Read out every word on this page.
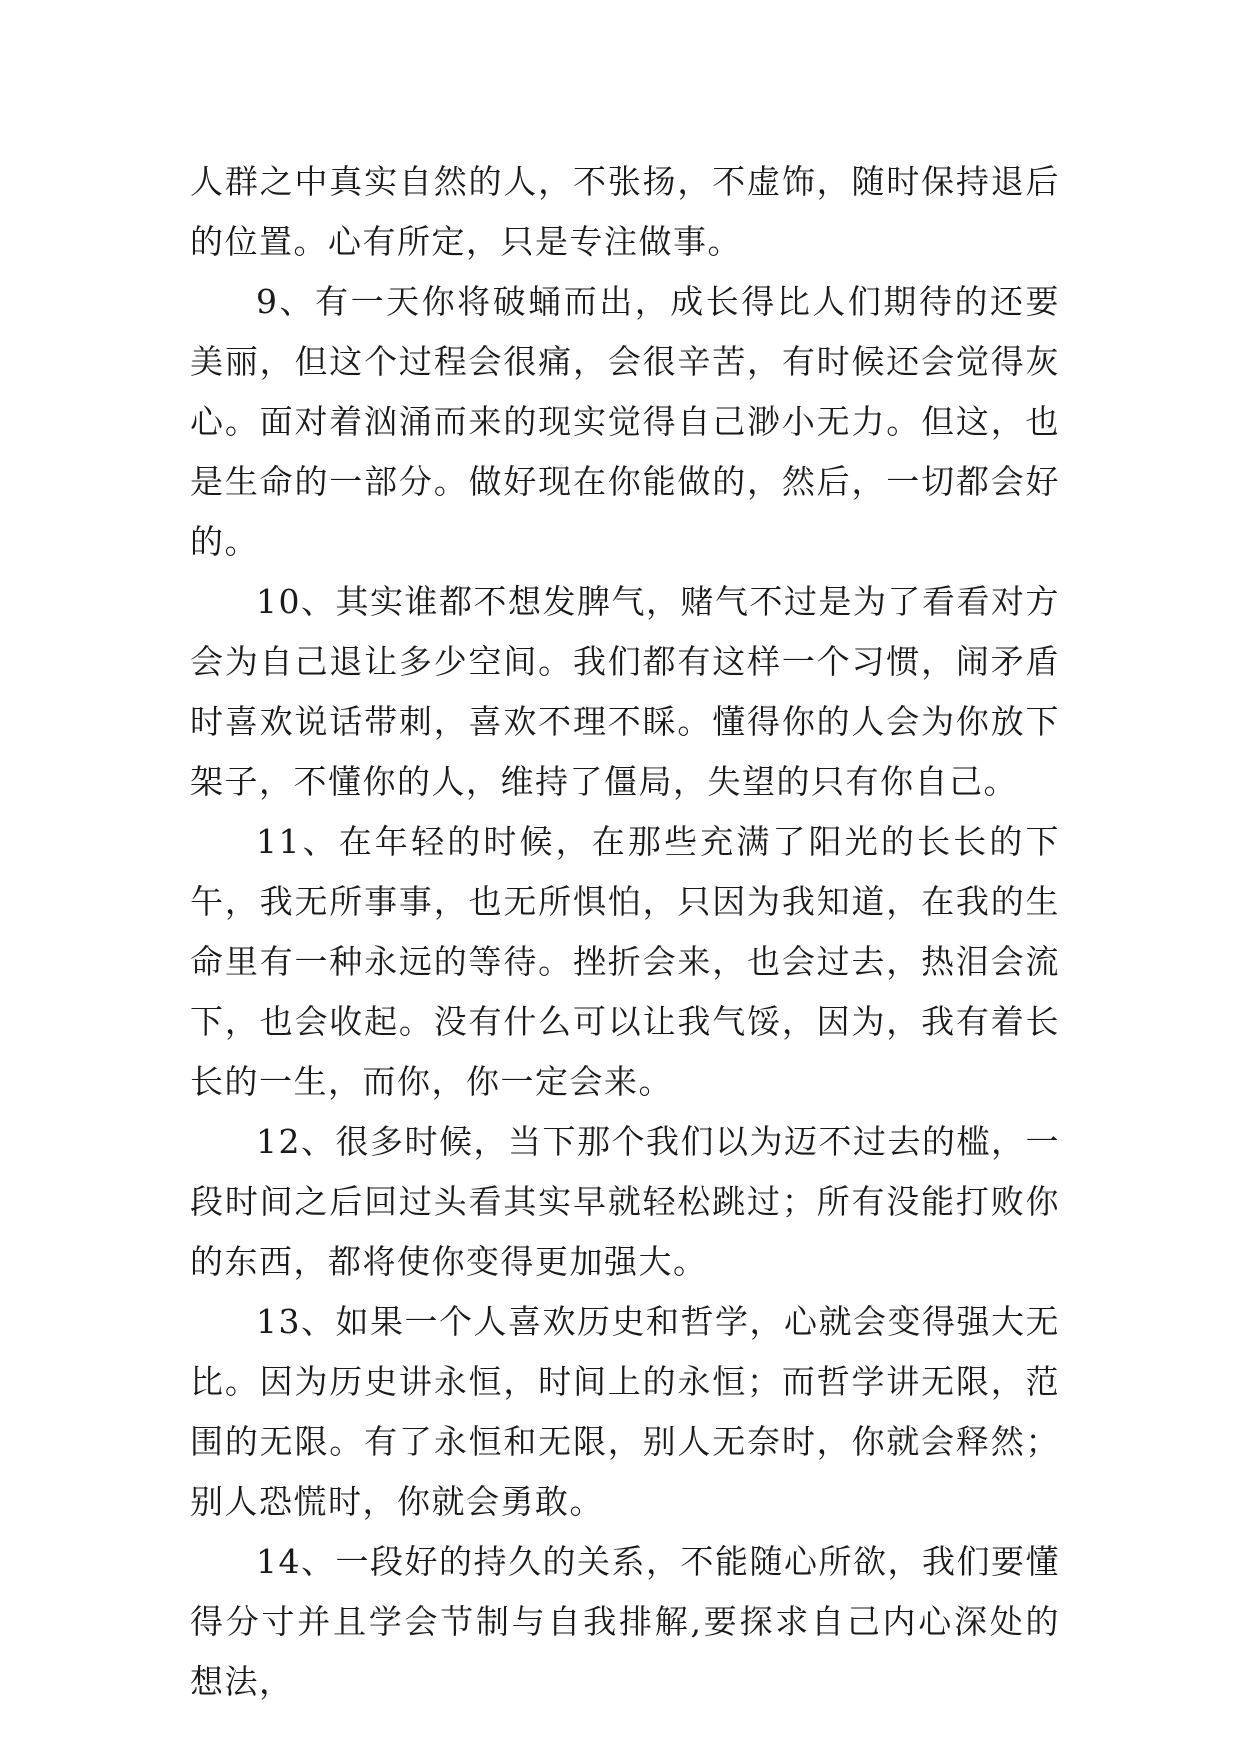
人群之中真实自然的人，不张扬，不虚饰，随时保持退后的位置。心有所定，只是专注做事。

9、有一天你将破蛹而出，成长得比人们期待的还要美丽，但这个过程会很痛，会很辛苦，有时候还会觉得灰心。面对着汹涌而来的现实觉得自己渺小无力。但这，也是生命的一部分。做好现在你能做的，然后，一切都会好的。

10、其实谁都不想发脾气，赌气不过是为了看看对方会为自己退让多少空间。我们都有这样一个习惯，闹矛盾时喜欢说话带刺，喜欢不理不睬。懂得你的人会为你放下架子，不懂你的人，维持了僵局，失望的只有你自己。

11、在年轻的时候，在那些充满了阳光的长长的下午，我无所事事，也无所惧怕，只因为我知道，在我的生命里有一种永远的等待。挫折会来，也会过去，热泪会流下，也会收起。没有什么可以让我气馁，因为，我有着长长的一生，而你，你一定会来。

12、很多时候，当下那个我们以为迈不过去的槛，一段时间之后回过头看其实早就轻松跳过；所有没能打败你的东西，都将使你变得更加强大。

13、如果一个人喜欢历史和哲学，心就会变得强大无比。因为历史讲永恒，时间上的永恒；而哲学讲无限，范围的无限。有了永恒和无限，别人无奈时，你就会释然；别人恐慌时，你就会勇敢。

14、一段好的持久的关系，不能随心所欲，我们要懂得分寸并且学会节制与自我排解,要探求自己内心深处的想法，
